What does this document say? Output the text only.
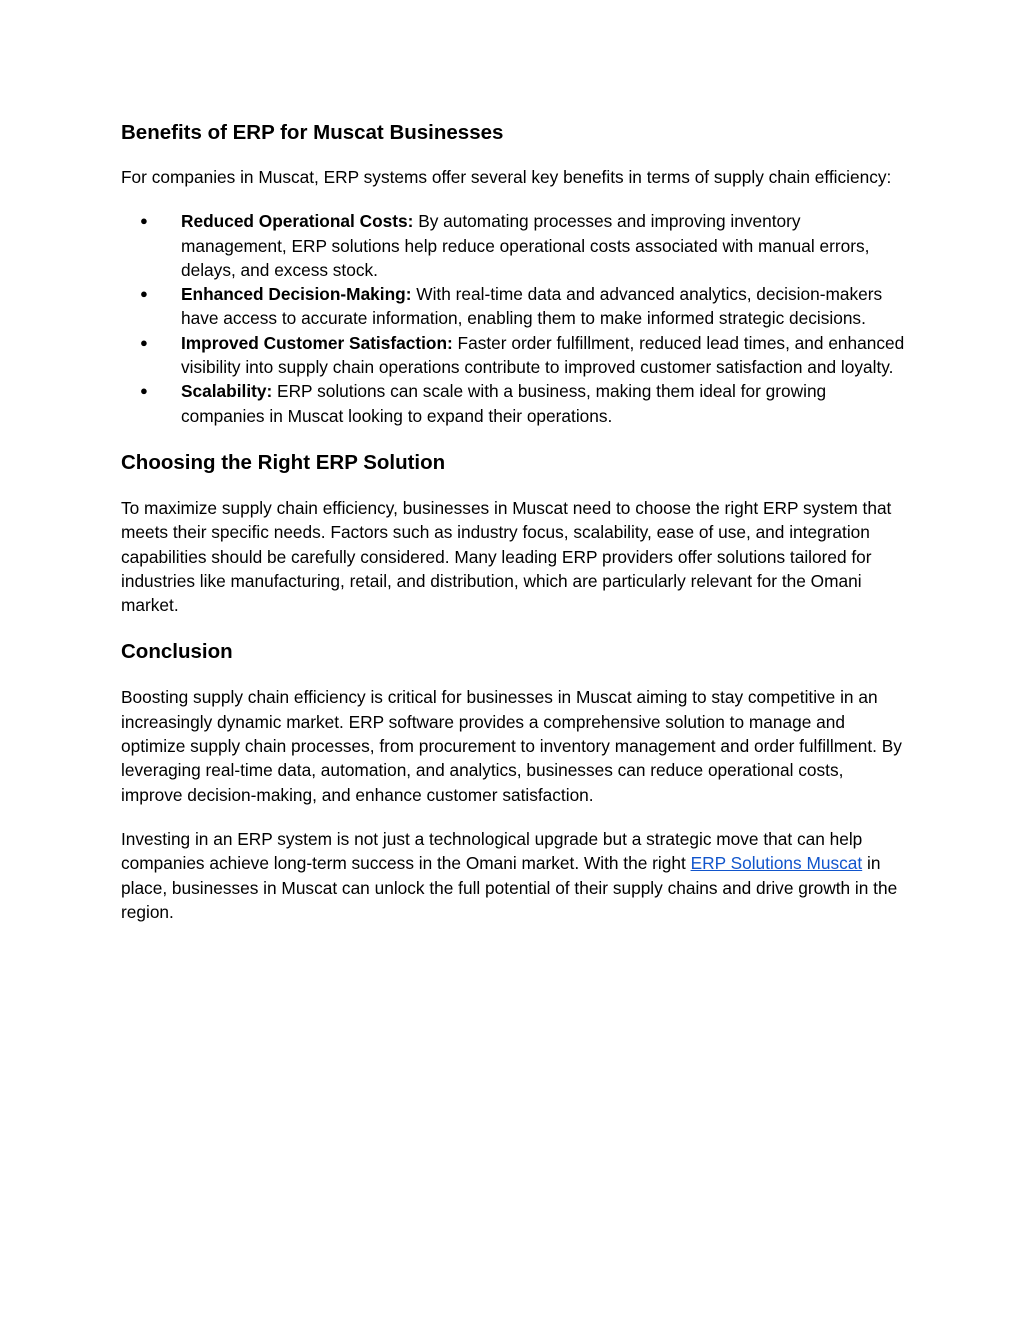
Benefits of ERP for Muscat Businesses

For companies in Muscat, ERP systems offer several key benefits in terms of supply chain efficiency:

● Reduced Operational Costs: By automating processes and improving inventory management, ERP solutions help reduce operational costs associated with manual errors, delays, and excess stock.
● Enhanced Decision-Making: With real-time data and advanced analytics, decision-makers have access to accurate information, enabling them to make informed strategic decisions.
● Improved Customer Satisfaction: Faster order fulfillment, reduced lead times, and enhanced visibility into supply chain operations contribute to improved customer satisfaction and loyalty.
● Scalability: ERP solutions can scale with a business, making them ideal for growing companies in Muscat looking to expand their operations.
Choosing the Right ERP Solution

To maximize supply chain efficiency, businesses in Muscat need to choose the right ERP system that meets their specific needs. Factors such as industry focus, scalability, ease of use, and integration capabilities should be carefully considered. Many leading ERP providers offer solutions tailored for industries like manufacturing, retail, and distribution, which are particularly relevant for the Omani market.

Conclusion

Boosting supply chain efficiency is critical for businesses in Muscat aiming to stay competitive in an increasingly dynamic market. ERP software provides a comprehensive solution to manage and optimize supply chain processes, from procurement to inventory management and order fulfillment. By leveraging real-time data, automation, and analytics, businesses can reduce operational costs, improve decision-making, and enhance customer satisfaction.

Investing in an ERP system is not just a technological upgrade but a strategic move that can help companies achieve long-term success in the Omani market. With the right ERP Solutions Muscat in place, businesses in Muscat can unlock the full potential of their supply chains and drive growth in the region.
